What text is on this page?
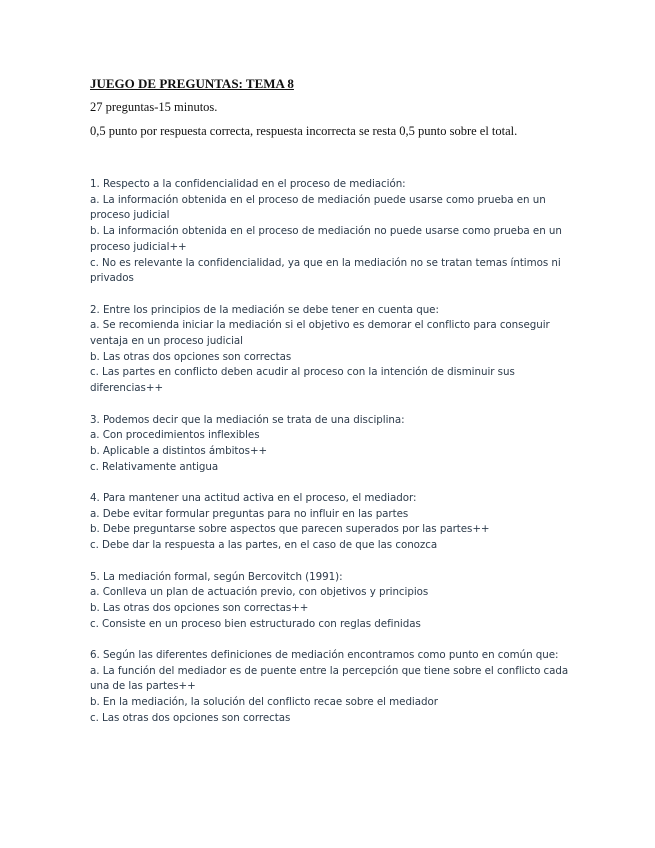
JUEGO DE PREGUNTAS: TEMA 8

27 preguntas-15 minutos.

0,5 punto por respuesta correcta, respuesta incorrecta se resta 0,5 punto sobre el total.

1. Respecto a la confidencialidad en el proceso de mediación:

a. La información obtenida en el proceso de mediación puede usarse como prueba en un proceso judicial

b. La información obtenida en el proceso de mediación no puede usarse como prueba en un proceso judicial++

c. No es relevante la confidencialidad, ya que en la mediación no se tratan temas íntimos ni privados

2. Entre los principios de la mediación se debe tener en cuenta que:

a. Se recomienda iniciar la mediación si el objetivo es demorar el conflicto para conseguir ventaja en un proceso judicial

b. Las otras dos opciones son correctas

c. Las partes en conflicto deben acudir al proceso con la intención de disminuir sus diferencias++

3. Podemos decir que la mediación se trata de una disciplina:

a. Con procedimientos inflexibles

b. Aplicable a distintos ámbitos++

c. Relativamente antigua

4. Para mantener una actitud activa en el proceso, el mediador:

a. Debe evitar formular preguntas para no influir en las partes

b. Debe preguntarse sobre aspectos que parecen superados por las partes++

c. Debe dar la respuesta a las partes, en el caso de que las conozca

5. La mediación formal, según Bercovitch (1991):

a. Conlleva un plan de actuación previo, con objetivos y principios

b. Las otras dos opciones son correctas++

c. Consiste en un proceso bien estructurado con reglas definidas

6. Según las diferentes definiciones de mediación encontramos como punto en común que:

a. La función del mediador es de puente entre la percepción que tiene sobre el conflicto cada una de las partes++

b. En la mediación, la solución del conflicto recae sobre el mediador

c. Las otras dos opciones son correctas
